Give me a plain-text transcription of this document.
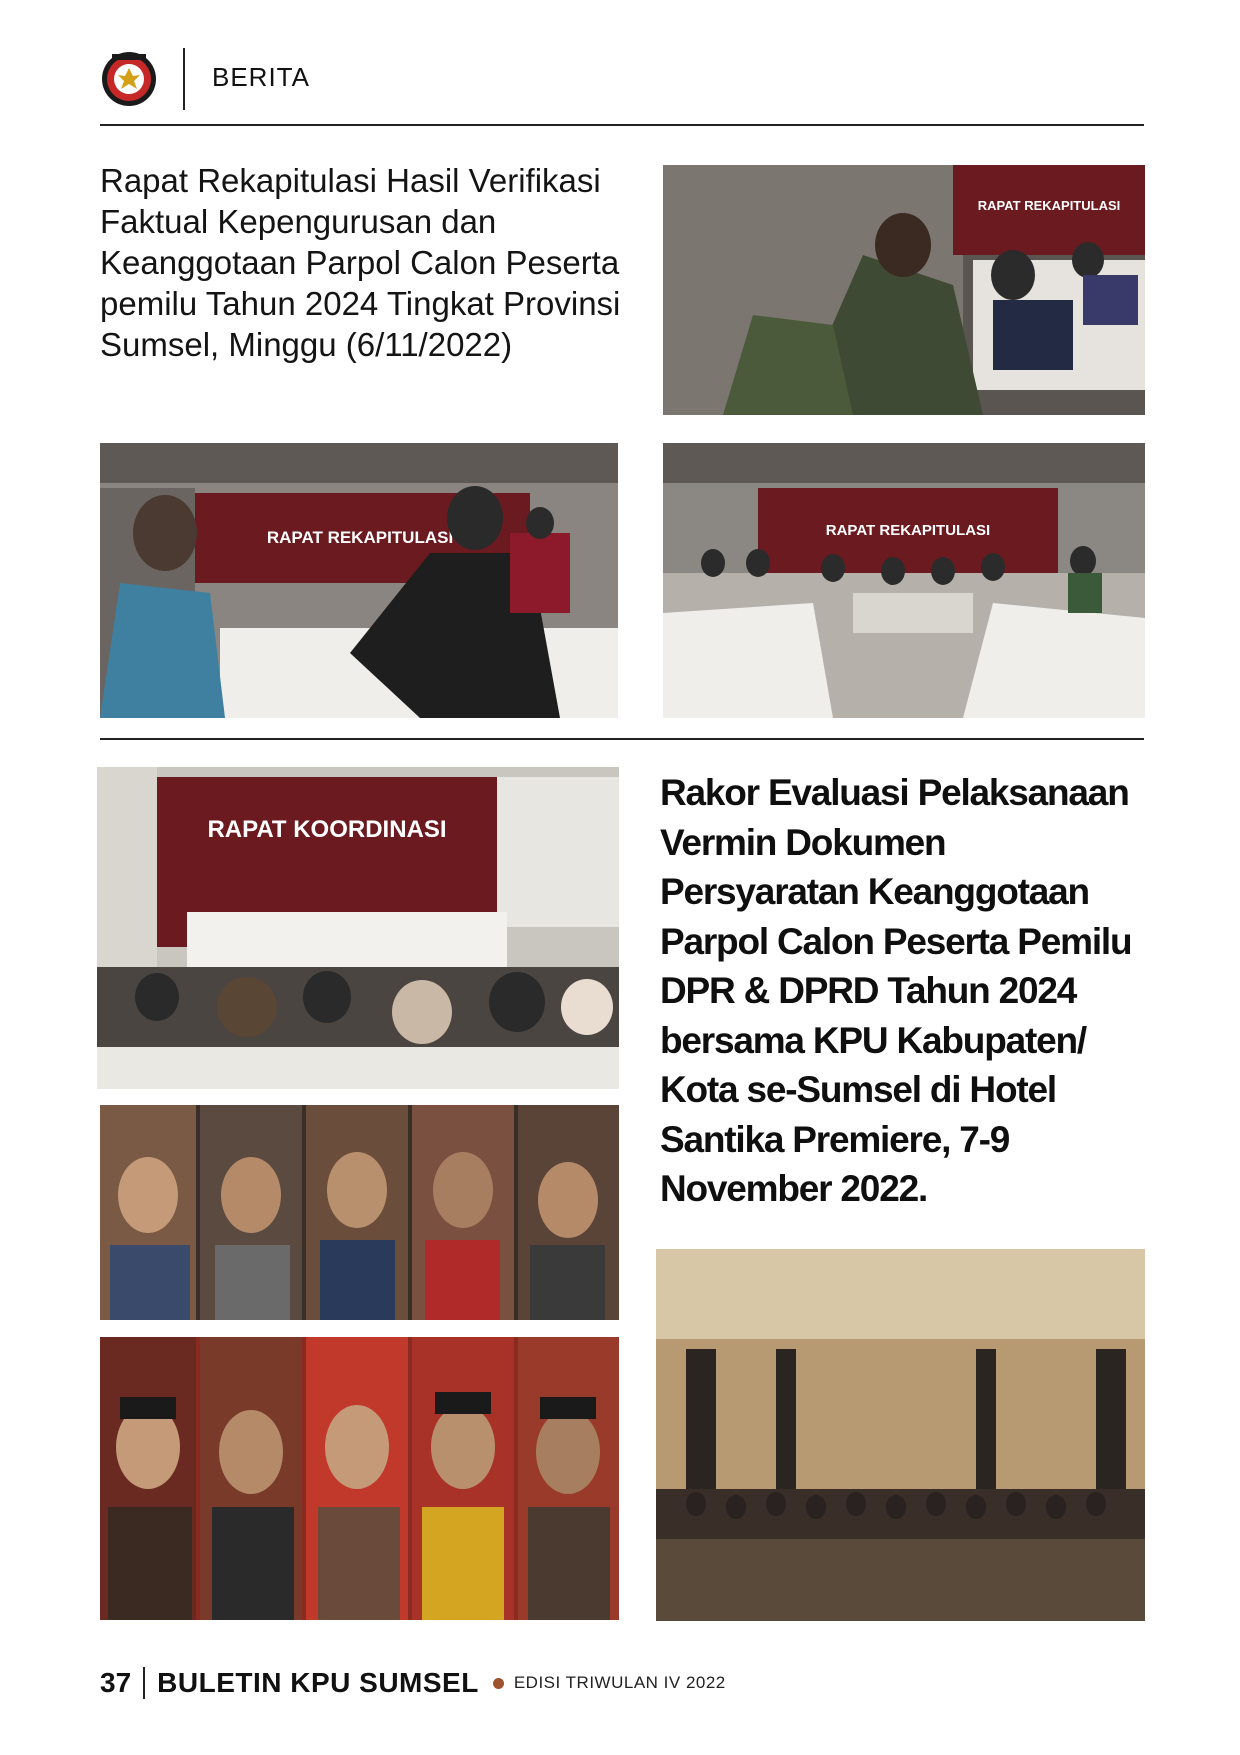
BERITA
Rapat Rekapitulasi Hasil Verifikasi Faktual Kepengurusan dan Keanggotaan Parpol Calon Peserta pemilu Tahun 2024 Tingkat Provinsi Sumsel, Minggu (6/11/2022)
RAPAT REKAPITULASI
RAPAT REKAPITULASI	RAPAT REKAPITULASI
RAPAT KOORDINASI
Rakor Evaluasi Pelaksanaan Vermin Dokumen Persyaratan Keanggotaan Parpol Calon Peserta Pemilu DPR & DPRD Tahun 2024 bersama KPU Kabupaten/ Kota se-Sumsel di Hotel Santika Premiere, 7-9 November 2022.
37 BULETIN KPU SUMSEL EDISI TRIWULAN IV 2022
